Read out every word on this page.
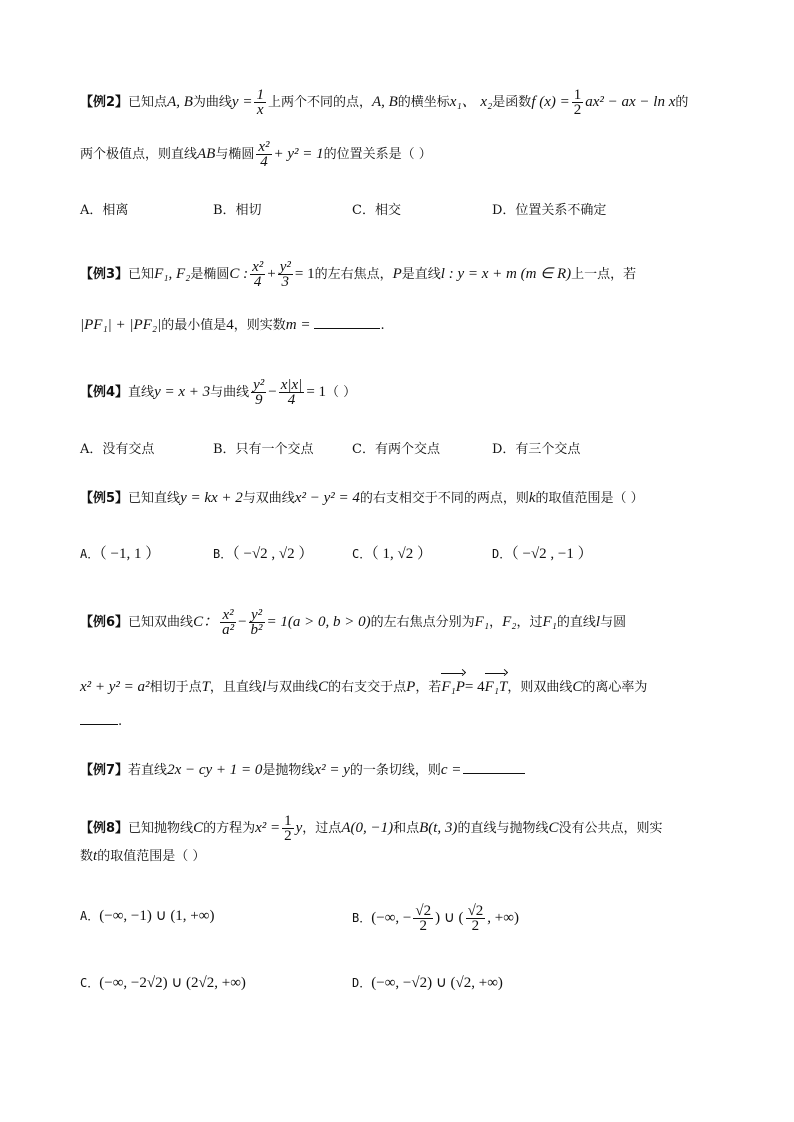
【例2】已知点A, B为曲线$y = \frac{1}{x}$ 上两个不同的点，A, B的横坐标x₁、 x₂是函数f $(x) = \frac{1}{2} ax^2$ − ax − ln x的
两个极值点，则直线AB与椭圆 $\frac{\text{x²}}{4} + y^2 = 1$的位置关系是（ ）
A．相离	B．相切	C．相交	D．位置关系不确定
【例3】已知F₁, F₂是椭圆C : $\frac{\text{x²}}{4} + \frac{\text{y²}}{3} = 1$的左右焦点，P是直线l : y = x + m (m ∈ R)上一点，若
|PF₁| + |PF₂|的最小值是4，则实数m =	.
【例4】直线y = x + 3与曲线 $\frac{\text{y²}}{9} - \frac{x|x|}{4} = 1$（ ）
A．没有交点	B．只有一个交点	C．有两个交点	D．有三个交点
【例5】已知直线y = kx + 2与双曲线x² − y² = 4的右支相交于不同的两点，则k的取值范围是（ ）
A．（ −1, 1 ）	B．（ −√2 , √2 ）	C．（ 1, √2 ）	D．（ −√2 , −1 ）
【例6】已知双曲线C： $\frac{\text{x²}}{\text{a²}} - \frac{\text{y²}}{\text{b²}} = 1(a > 0$, b > 0)的左右焦点分别为F₁，F₂，过F₁的直线l与圆
x² + y² = a²相切于点T，且直线l与双曲线C的右支交于点P，若F₁P= 4F₁T，则双曲线C的离心率为
.
【例7】若直线2x − cy + 1 = 0是抛物线x² = y的一条切线，则c =
【例8】已知抛物线C的方程为$x^2 = \frac{1}{2}$ y，过点A(0, −1)和点B(t, 3)的直线与抛物线C没有公共点，则实
数t的取值范围是（ ）
A．(−∞, −1) ∪ (1, +∞)	B．(−∞, − $\frac{√2}{2}$ ) ∪ ( $\frac{√2}{2}$ , +∞)
C．(−∞, −2√2) ∪ (2√2, +∞)	D．(−∞, −√2) ∪ (√2, +∞)
